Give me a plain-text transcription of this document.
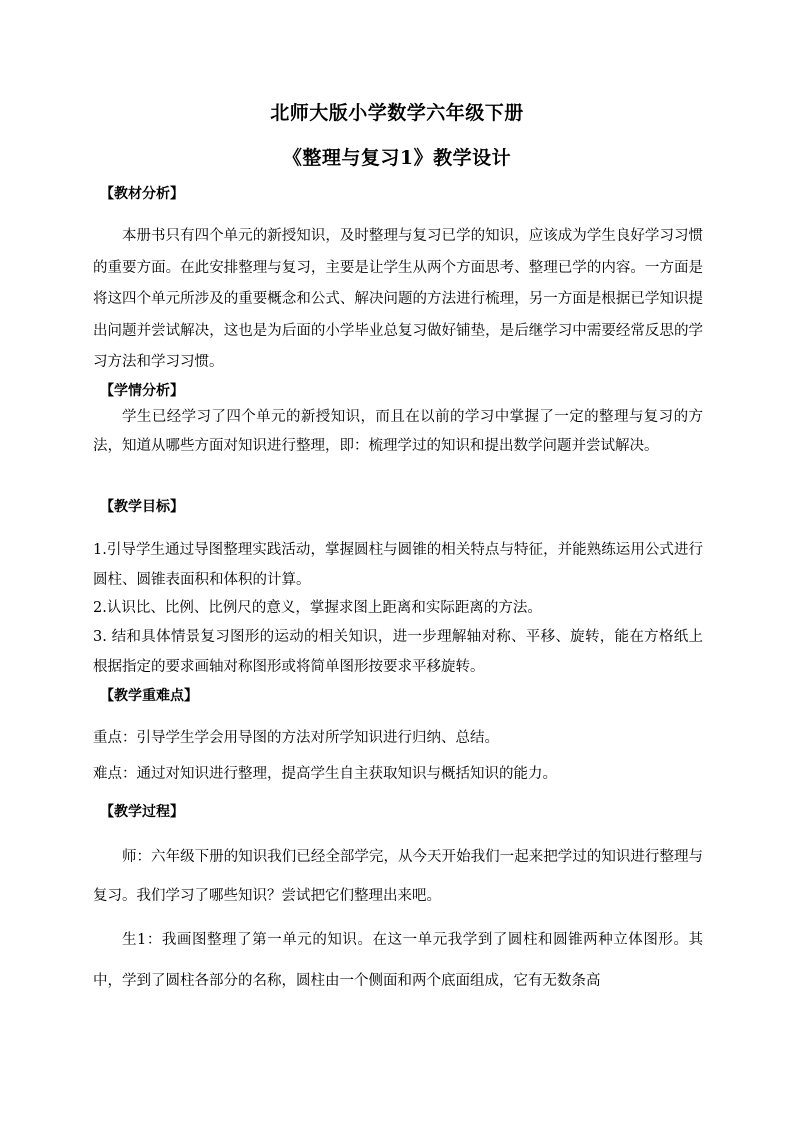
北师大版小学数学六年级下册
《整理与复习1》教学设计
【教材分析】

本册书只有四个单元的新授知识，及时整理与复习已学的知识，应该成为学生良好学习习惯的重要方面。在此安排整理与复习，主要是让学生从两个方面思考、整理已学的内容。一方面是将这四个单元所涉及的重要概念和公式、解决问题的方法进行梳理，另一方面是根据已学知识提出问题并尝试解决，这也是为后面的小学毕业总复习做好铺垫，是后继学习中需要经常反思的学习方法和学习习惯。

【学情分析】

学生已经学习了四个单元的新授知识，而且在以前的学习中掌握了一定的整理与复习的方法，知道从哪些方面对知识进行整理，即：梳理学过的知识和提出数学问题并尝试解决。

【教学目标】

1.引导学生通过导图整理实践活动，掌握圆柱与圆锥的相关特点与特征，并能熟练运用公式进行圆柱、圆锥表面积和体积的计算。

2.认识比、比例、比例尺的意义，掌握求图上距离和实际距离的方法。

3. 结和具体情景复习图形的运动的相关知识，进一步理解轴对称、平移、旋转，能在方格纸上根据指定的要求画轴对称图形或将简单图形按要求平移旋转。

【教学重难点】
重点：引导学生学会用导图的方法对所学知识进行归纳、总结。
难点：通过对知识进行整理，提高学生自主获取知识与概括知识的能力。
【教学过程】

师：六年级下册的知识我们已经全部学完，从今天开始我们一起来把学过的知识进行整理与复习。我们学习了哪些知识？尝试把它们整理出来吧。

生1：我画图整理了第一单元的知识。在这一单元我学到了圆柱和圆锥两种立体图形。其中，学到了圆柱各部分的名称，圆柱由一个侧面和两个底面组成，它有无数条高
